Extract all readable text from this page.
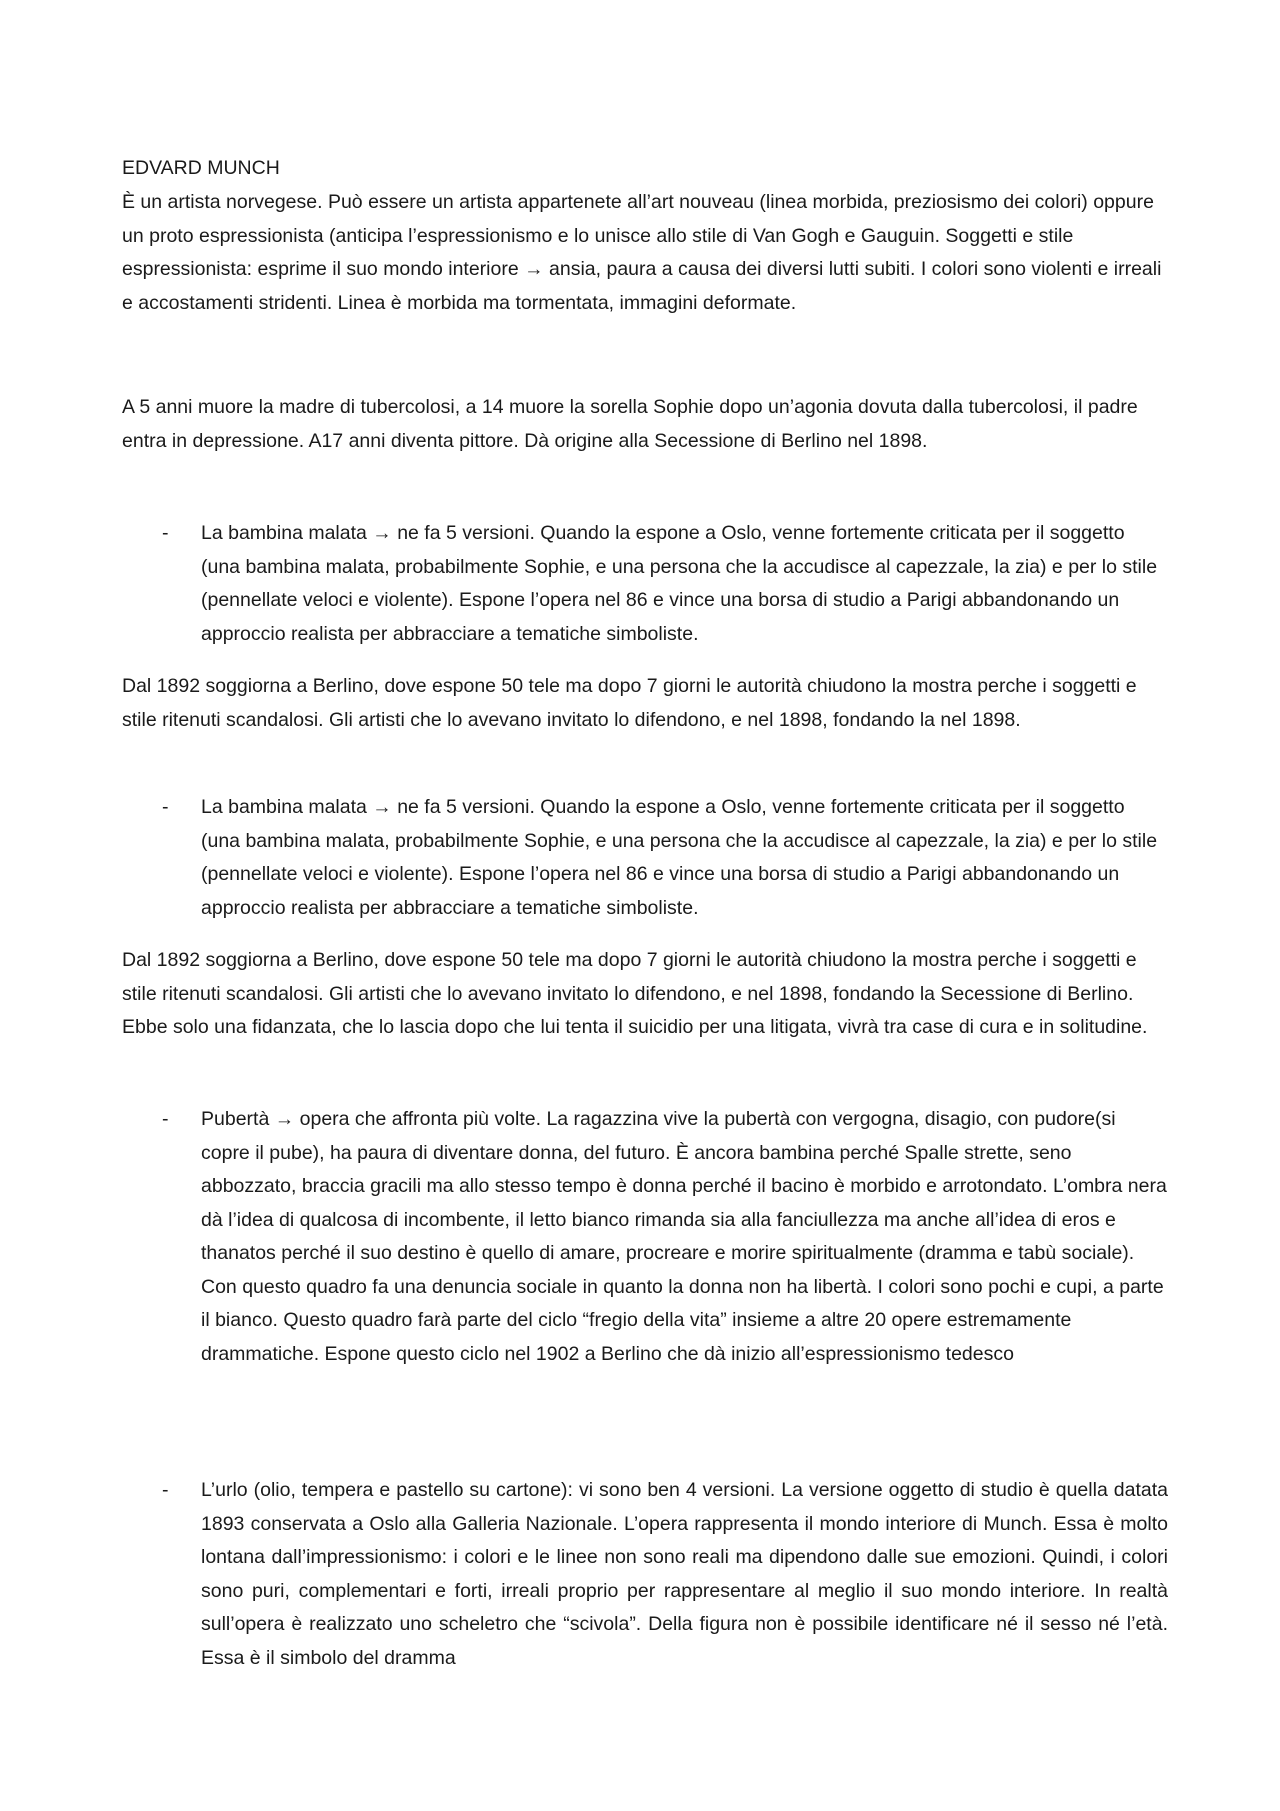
EDVARD MUNCH

È un artista norvegese. Può essere un artista appartenete all’art nouveau (linea morbida, preziosismo dei colori) oppure un proto espressionista (anticipa l’espressionismo e lo unisce allo stile di Van Gogh e Gauguin. Soggetti e stile espressionista: esprime il suo mondo interiore → ansia, paura a causa dei diversi lutti subiti. I colori sono violenti e irreali e accostamenti stridenti. Linea è morbida ma tormentata, immagini deformate.

A 5 anni muore la madre di tubercolosi, a 14 muore la sorella Sophie dopo un’agonia dovuta dalla tubercolosi, il padre entra in depressione. A17 anni diventa pittore. Dà origine alla Secessione di Berlino nel 1898.

- La bambina malata → ne fa 5 versioni. Quando la espone a Oslo, venne fortemente criticata per il soggetto (una bambina malata, probabilmente Sophie, e una persona che la accudisce al capezzale, la zia) e per lo stile (pennellate veloci e violente). Espone l’opera nel 86 e vince una borsa di studio a Parigi abbandonando un approccio realista per abbracciare a tematiche simboliste.

Dal 1892 soggiorna a Berlino, dove espone 50 tele ma dopo 7 giorni le autorità chiudono la mostra perche i soggetti e stile ritenuti scandalosi. Gli artisti che lo avevano invitato lo difendono, e nel 1898, fondando la nel 1898.

- La bambina malata → ne fa 5 versioni. Quando la espone a Oslo, venne fortemente criticata per il soggetto (una bambina malata, probabilmente Sophie, e una persona che la accudisce al capezzale, la zia) e per lo stile (pennellate veloci e violente). Espone l’opera nel 86 e vince una borsa di studio a Parigi abbandonando un approccio realista per abbracciare a tematiche simboliste.

Dal 1892 soggiorna a Berlino, dove espone 50 tele ma dopo 7 giorni le autorità chiudono la mostra perche i soggetti e stile ritenuti scandalosi. Gli artisti che lo avevano invitato lo difendono, e nel 1898, fondando la Secessione di Berlino. Ebbe solo una fidanzata, che lo lascia dopo che lui tenta il suicidio per una litigata, vivrà tra case di cura e in solitudine.

- Pubertà → opera che affronta più volte. La ragazzina vive la pubertà con vergogna, disagio, con pudore(si copre il pube), ha paura di diventare donna, del futuro. È ancora bambina perché Spalle strette, seno abbozzato, braccia gracili ma allo stesso tempo è donna perché il bacino è morbido e arrotondato. L’ombra nera dà l’idea di qualcosa di incombente, il letto bianco rimanda sia alla fanciullezza ma anche all’idea di eros e thanatos perché il suo destino è quello di amare, procreare e morire spiritualmente (dramma e tabù sociale). Con questo quadro fa una denuncia sociale in quanto la donna non ha libertà. I colori sono pochi e cupi, a parte il bianco. Questo quadro farà parte del ciclo “fregio della vita” insieme a altre 20 opere estremamente drammatiche. Espone questo ciclo nel 1902 a Berlino che dà inizio all’espressionismo tedesco

- L’urlo (olio, tempera e pastello su cartone): vi sono ben 4 versioni. La versione oggetto di studio è quella datata 1893 conservata a Oslo alla Galleria Nazionale. L’opera rappresenta il mondo interiore di Munch. Essa è molto lontana dall’impressionismo: i colori e le linee non sono reali ma dipendono dalle sue emozioni. Quindi, i colori sono puri, complementari e forti, irreali proprio per rappresentare al meglio il suo mondo interiore. In realtà sull’opera è realizzato uno scheletro che “scivola”. Della figura non è possibile identificare né il sesso né l’età. Essa è il simbolo del dramma
